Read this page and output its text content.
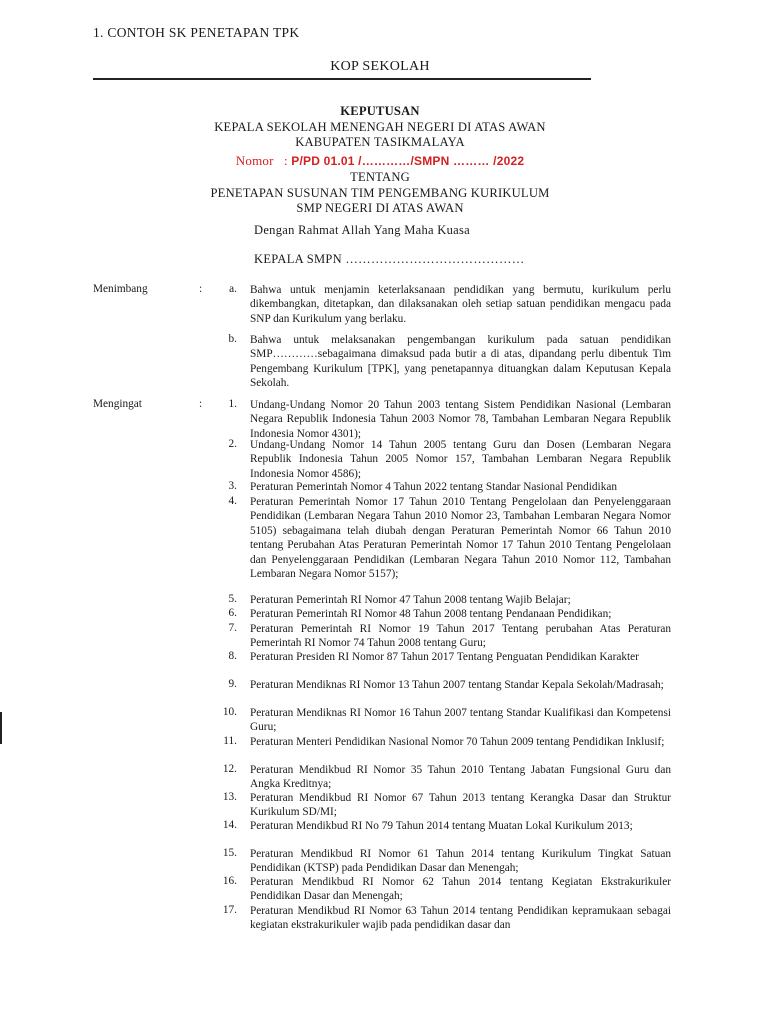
1. CONTOH SK PENETAPAN TPK
KOP SEKOLAH
KEPUTUSAN
KEPALA SEKOLAH MENENGAH NEGERI DI ATAS AWAN
KABUPATEN TASIKMALAYA
Nomor : P/PD 01.01 /…………/SMPN ……… /2022
TENTANG
PENETAPAN SUSUNAN TIM PENGEMBANG KURIKULUM
SMP NEGERI DI ATAS AWAN
Dengan Rahmat Allah Yang Maha Kuasa
KEPALA SMPN ……………………………………
Menimbang	:	a. Bahwa untuk menjamin keterlaksanaan pendidikan yang bermutu, kurikulum perlu dikembangkan, ditetapkan, dan dilaksanakan oleh setiap satuan pendidikan mengacu pada SNP dan Kurikulum yang berlaku.
b. Bahwa untuk melaksanakan pengembangan kurikulum pada satuan pendidikan SMP…………sebagaimana dimaksud pada butir a di atas, dipandang perlu dibentuk Tim Pengembang Kurikulum [TPK], yang penetapannya dituangkan dalam Keputusan Kepala Sekolah.
Mengingat	:	1. Undang-Undang Nomor 20 Tahun 2003 tentang Sistem Pendidikan Nasional (Lembaran Negara Republik Indonesia Tahun 2003 Nomor 78, Tambahan Lembaran Negara Republik Indonesia Nomor 4301);
2. Undang-Undang Nomor 14 Tahun 2005 tentang Guru dan Dosen (Lembaran Negara Republik Indonesia Tahun 2005 Nomor 157, Tambahan Lembaran Negara Republik Indonesia Nomor 4586);
3. Peraturan Pemerintah Nomor 4 Tahun 2022 tentang Standar Nasional Pendidikan
4. Peraturan Pemerintah Nomor 17 Tahun 2010 Tentang Pengelolaan dan Penyelenggaraan Pendidikan (Lembaran Negara Tahun 2010 Nomor 23, Tambahan Lembaran Negara Nomor 5105) sebagaimana telah diubah dengan Peraturan Pemerintah Nomor 66 Tahun 2010 tentang Perubahan Atas Peraturan Pemerintah Nomor 17 Tahun 2010 Tentang Pengelolaan dan Penyelenggaraan Pendidikan (Lembaran Negara Tahun 2010 Nomor 112, Tambahan Lembaran Negara Nomor 5157);
5. Peraturan Pemerintah RI Nomor 47 Tahun 2008 tentang Wajib Belajar;
6. Peraturan Pemerintah RI Nomor 48 Tahun 2008 tentang Pendanaan Pendidikan;
7. Peraturan Pemerintah RI Nomor 19 Tahun 2017 Tentang perubahan Atas Peraturan Pemerintah RI Nomor 74 Tahun 2008 tentang Guru;
8. Peraturan Presiden RI Nomor 87 Tahun 2017 Tentang Penguatan Pendidikan Karakter
9. Peraturan Mendiknas RI Nomor 13 Tahun 2007 tentang Standar Kepala Sekolah/Madrasah;
10. Peraturan Mendiknas RI Nomor 16 Tahun 2007 tentang Standar Kualifikasi dan Kompetensi Guru;
11. Peraturan Menteri Pendidikan Nasional Nomor 70 Tahun 2009 tentang Pendidikan Inklusif;
12. Peraturan Mendikbud RI Nomor 35 Tahun 2010 Tentang Jabatan Fungsional Guru dan Angka Kreditnya;
13. Peraturan Mendikbud RI Nomor 67 Tahun 2013 tentang Kerangka Dasar dan Struktur Kurikulum SD/MI;
14. Peraturan Mendikbud RI No 79 Tahun 2014 tentang Muatan Lokal Kurikulum 2013;
15. Peraturan Mendikbud RI Nomor 61 Tahun 2014 tentang Kurikulum Tingkat Satuan Pendidikan (KTSP) pada Pendidikan Dasar dan Menengah;
16. Peraturan Mendikbud RI Nomor 62 Tahun 2014 tentang Kegiatan Ekstrakurikuler Pendidikan Dasar dan Menengah;
17. Peraturan Mendikbud RI Nomor 63 Tahun 2014 tentang Pendidikan kepramukaan sebagai kegiatan ekstrakurikuler wajib pada pendidikan dasar dan
